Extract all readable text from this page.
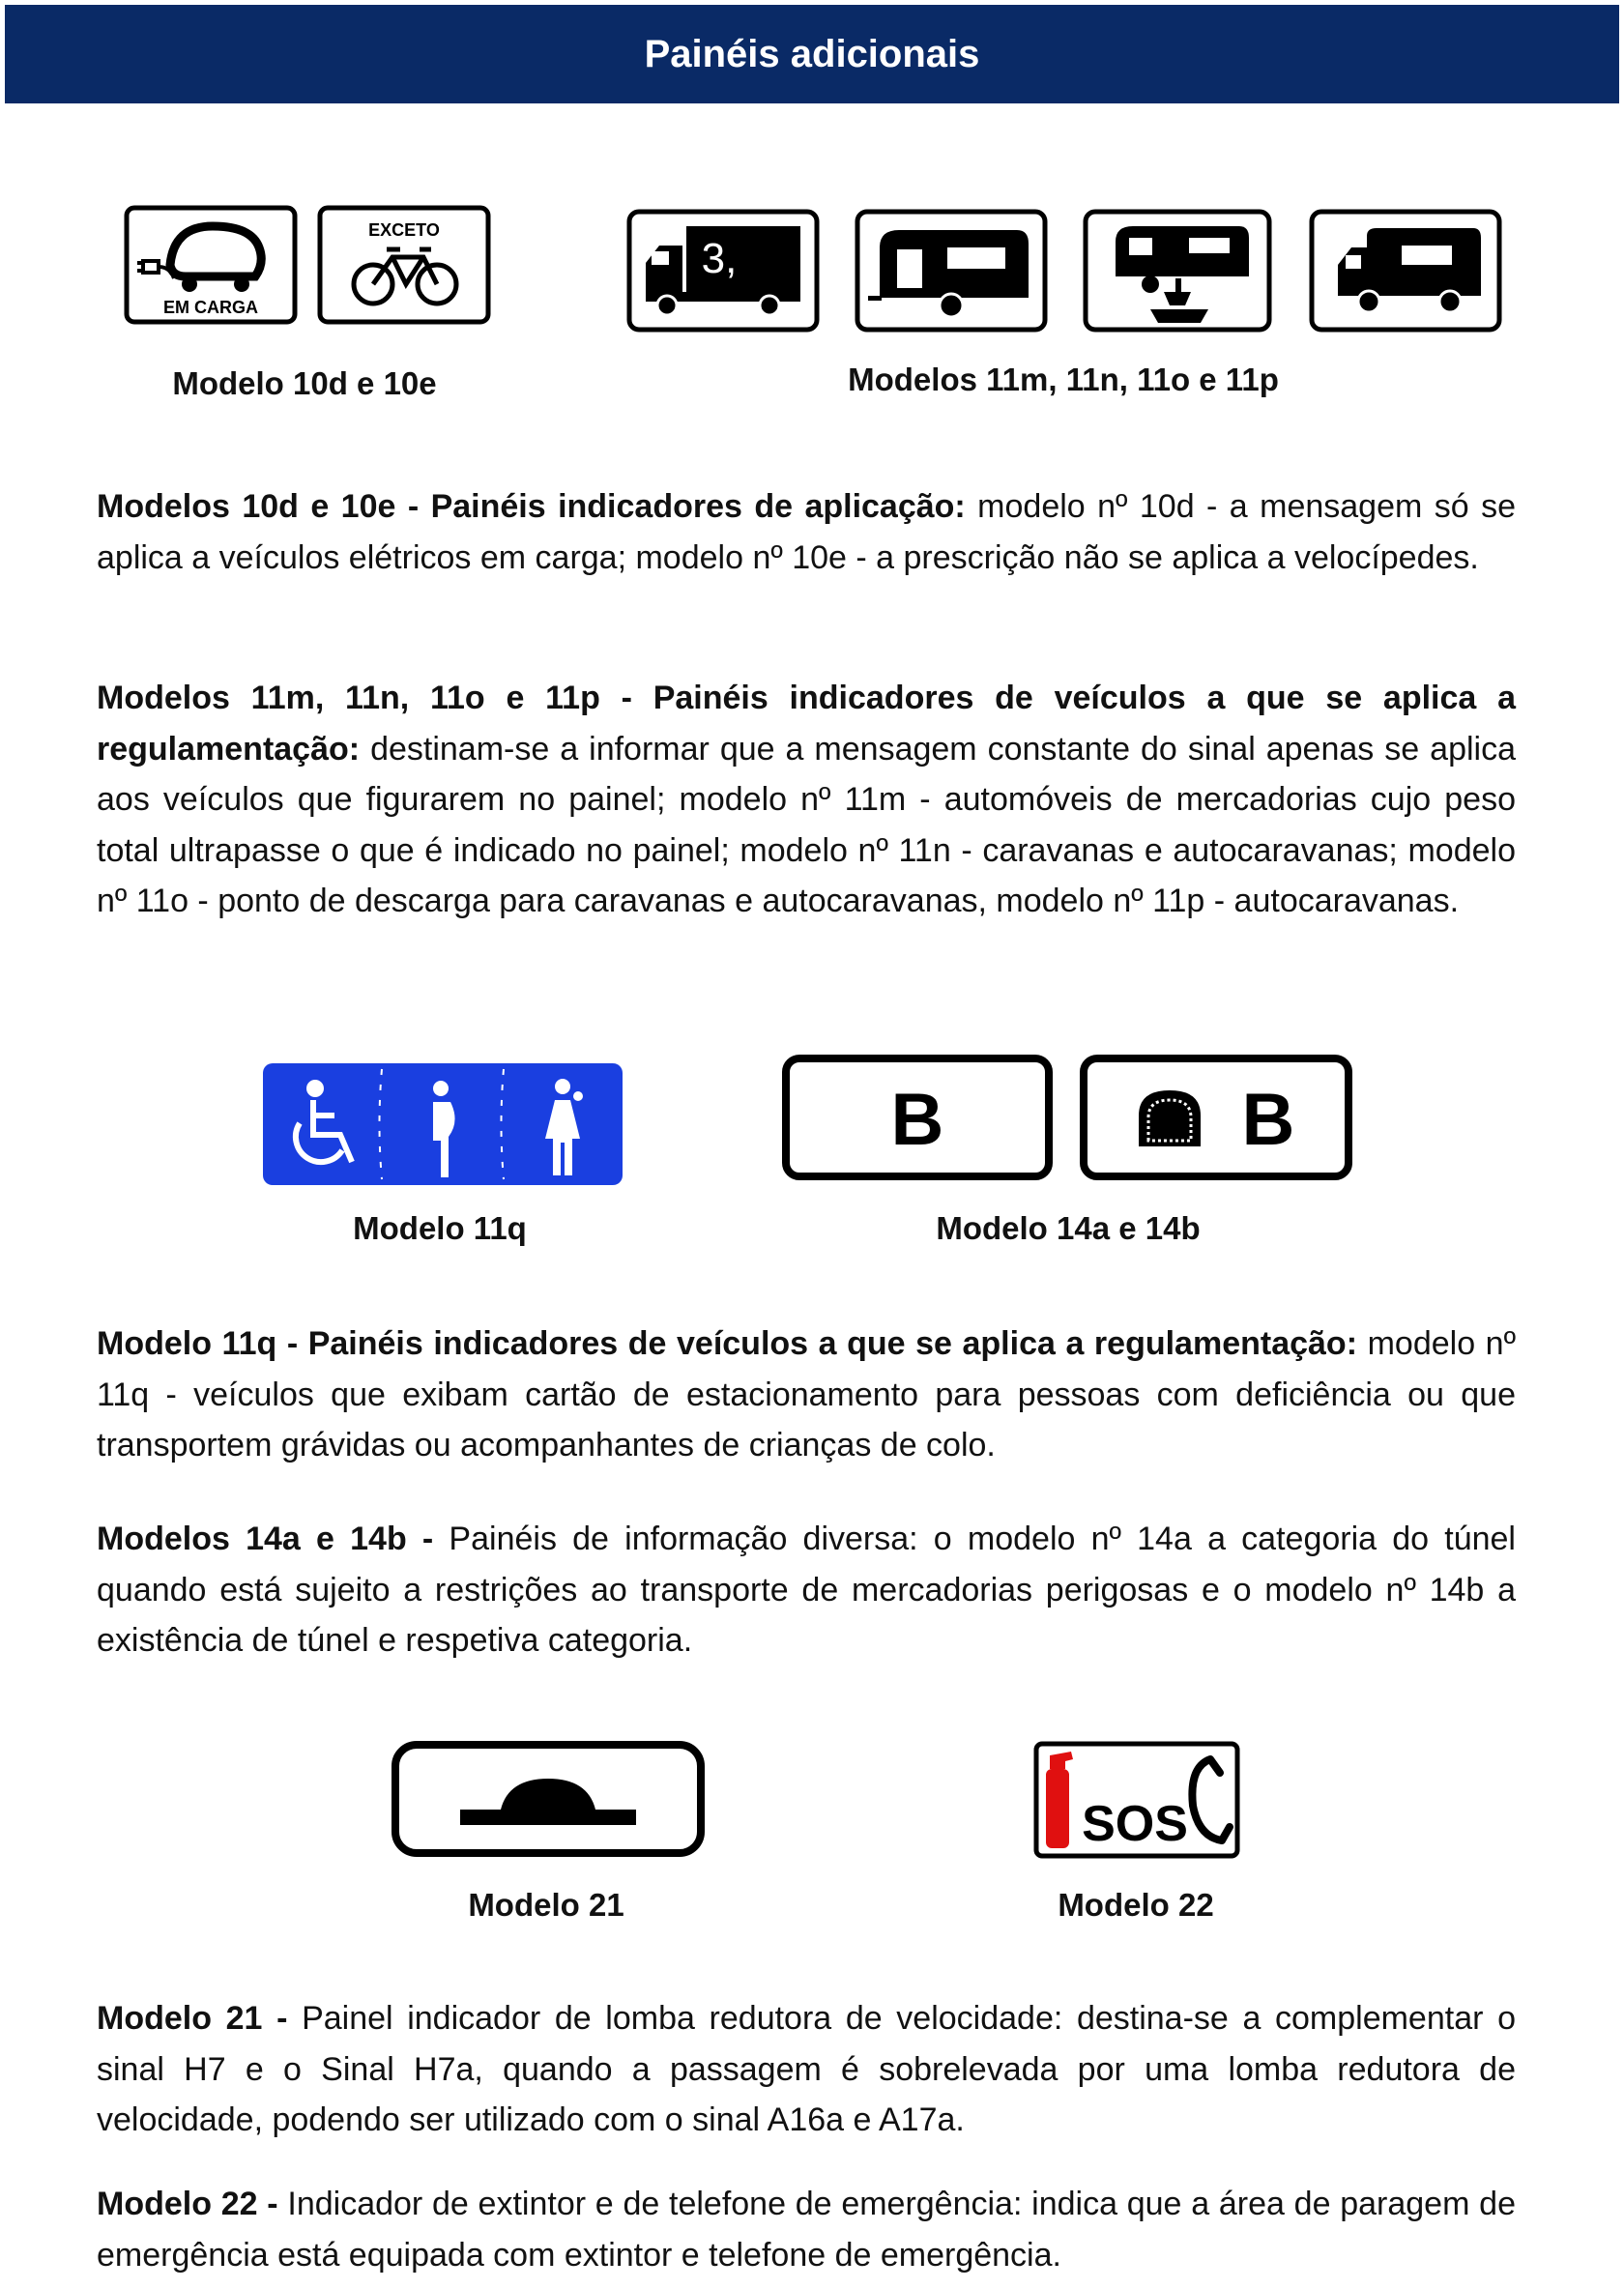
Painéis adicionais
EM CARGA
EXCETO
3,
Modelo 10d e 10e	Modelos 11m, 11n, 11o e 11p

Modelos 10d e 10e - Painéis indicadores de aplicação: modelo nº 10d - a mensagem só se aplica a veículos elétricos em carga; modelo nº 10e - a prescrição não se aplica a velocípedes.

Modelos 11m, 11n, 11o e 11p - Painéis indicadores de veículos a que se aplica a regulamentação: destinam-se a informar que a mensagem constante do sinal apenas se aplica aos veículos que figurarem no painel; modelo nº 11m - automóveis de mercadorias cujo peso total ultrapasse o que é indicado no painel; modelo nº 11n - caravanas e autocaravanas; modelo nº 11o - ponto de descarga para caravanas e autocaravanas, modelo nº 11p - autocaravanas.

B	B
Modelo 11q	Modelo 14a e 14b

Modelo 11q - Painéis indicadores de veículos a que se aplica a regulamentação: modelo nº 11q - veículos que exibam cartão de estacionamento para pessoas com deficiência ou que transportem grávidas ou acompanhantes de crianças de colo.

Modelos 14a e 14b - Painéis de informação diversa: o modelo nº 14a a categoria do túnel quando está sujeito a restrições ao transporte de mercadorias perigosas e o modelo nº 14b a existência de túnel e respetiva categoria.

SOS
Modelo 21	Modelo 22

Modelo 21 - Painel indicador de lomba redutora de velocidade: destina-se a complementar o sinal H7 e o Sinal H7a, quando a passagem é sobrelevada por uma lomba redutora de velocidade, podendo ser utilizado com o sinal A16a e A17a.

Modelo 22 - Indicador de extintor e de telefone de emergência: indica que a área de paragem de emergência está equipada com extintor e telefone de emergência.
